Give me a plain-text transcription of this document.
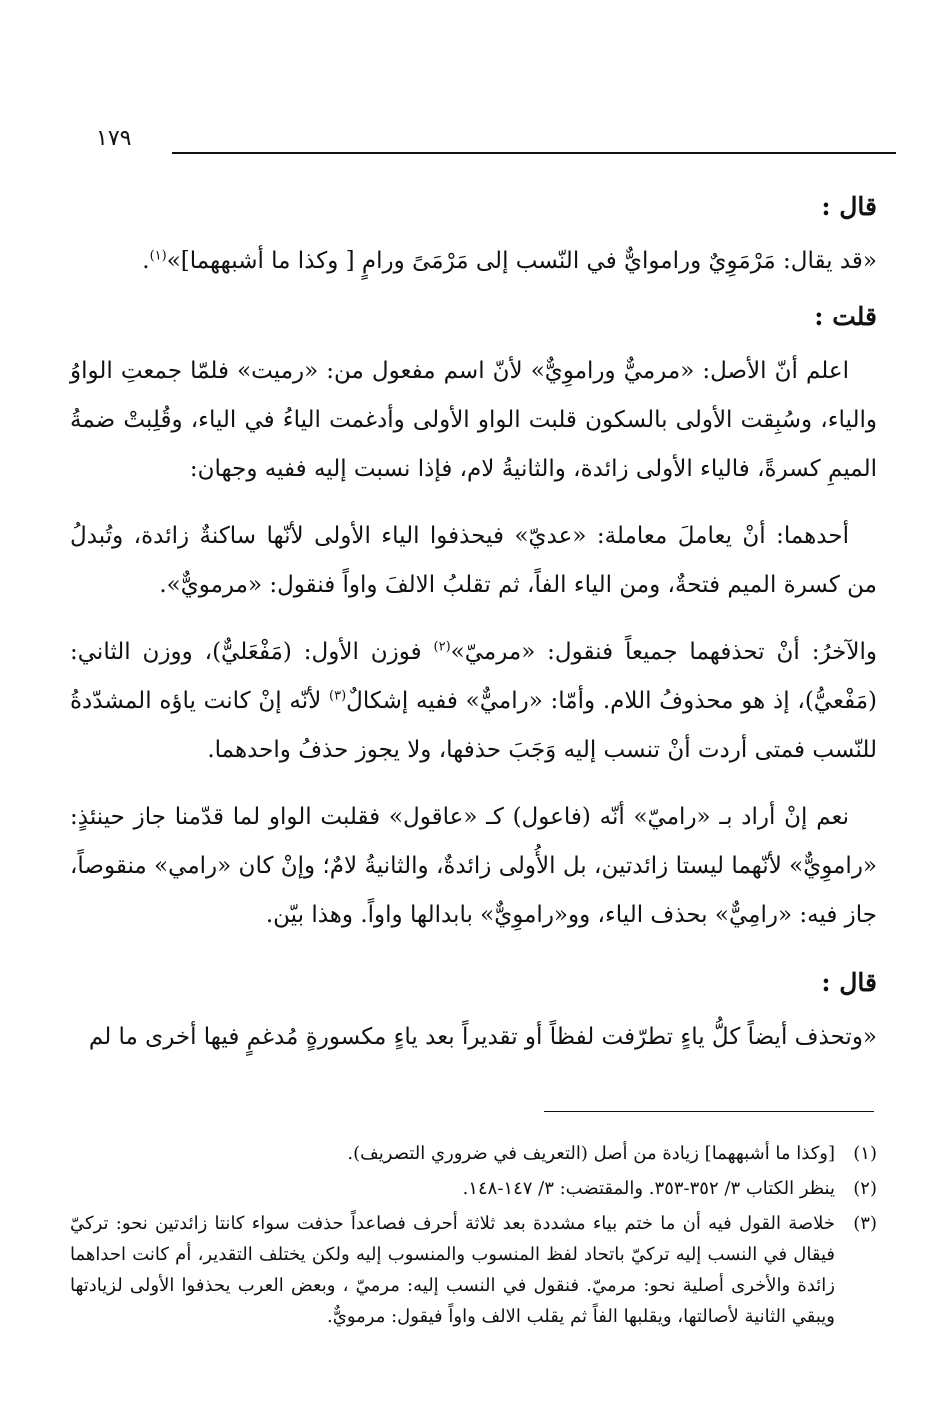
١٧٩

قال :

«قد يقال: مَرْمَوِيٌ وراموايٌّ في النّسب إلى مَرْمَىً ورامٍ [ وكذا ما أشبههما]»$^{(١)}$.

قلت :

اعلم أنّ الأصل: «مرميٌّ وراموِيٌّ» لأنّ اسم مفعول من: «رميت» فلمّا جمعتِ الواوُ والياء، وسُبِقت الأولى بالسكون قلبت الواو الأولى وأدغمت الياءُ في الياء، وقُلِبتْ ضمةُ الميمِ كسرةً، فالياء الأولى زائدة، والثانيةُ لام، فإذا نسبت إليه ففيه وجهان:

أحدهما: أنْ يعاملَ معاملة: «عديّ» فيحذفوا الياء الأولى لأنّها ساكنةٌ زائدة، وتُبدلُ من كسرة الميم فتحةٌ، ومن الياء الفاً، ثم تقلبُ الالفَ واواً فنقول: «مرمويٌّ».

والآخرُ: أنْ تحذفهما جميعاً فنقول: «مرميّ»$^{(٢)}$ فوزن الأول: (مَفْعَليٌّ)، ووزن الثاني: (مَفْعيُّ)، إذ هو محذوفُ اللام. وأمّا: «راميٌّ» ففيه إشكالٌ$^{(٣)}$ لأنّه إنْ كانت ياؤه المشدّدةُ للنّسب فمتى أردت أنْ تنسب إليه وَجَبَ حذفها، ولا يجوز حذفُ واحدهما.

نعم إنْ أراد بـ «راميّ» أنّه (فاعول) كـ «عاقول» فقلبت الواو لما قدّمنا جاز حينئذٍ: «راموِيٌّ» لأنّهما ليستا زائدتين، بل الأُولى زائدةٌ، والثانيةُ لامٌ؛ وإنْ كان «رامي» منقوصاً، جاز فيه: «رامِيٌّ» بحذف الياء، وو«راموِيٌّ» بابدالها واواً. وهذا بيّن.

قال :

«وتحذف أيضاً كلُّ ياءٍ تطرّفت لفظاً أو تقديراً بعد ياءٍ مكسورةٍ مُدغمٍ فيها أخرى ما لم

(١)
[وكذا ما أشبههما] زيادة من أصل (التعريف في ضروري التصريف).
(٢)
ينظر الكتاب ٣/ ٣٥٢-٣٥٣. والمقتضب: ٣/ ١٤٧-١٤٨.
(٣)
خلاصة القول فيه أن ما ختم بياء مشددة بعد ثلاثة أحرف فصاعداً حذفت سواء كانتا زائدتين نحو: تركيّ فيقال في النسب إليه تركيّ باتحاد لفظ المنسوب والمنسوب إليه ولكن يختلف التقدير، أم كانت احداهما زائدة والأخرى أصلية نحو: مرميّ. فنقول في النسب إليه: مرميّ ، وبعض العرب يحذفوا الأولى لزيادتها ويبقي الثانية لأصالتها، ويقلبها الفاً ثم يقلب الالف واواً فيقول: مرمويٌّ.
